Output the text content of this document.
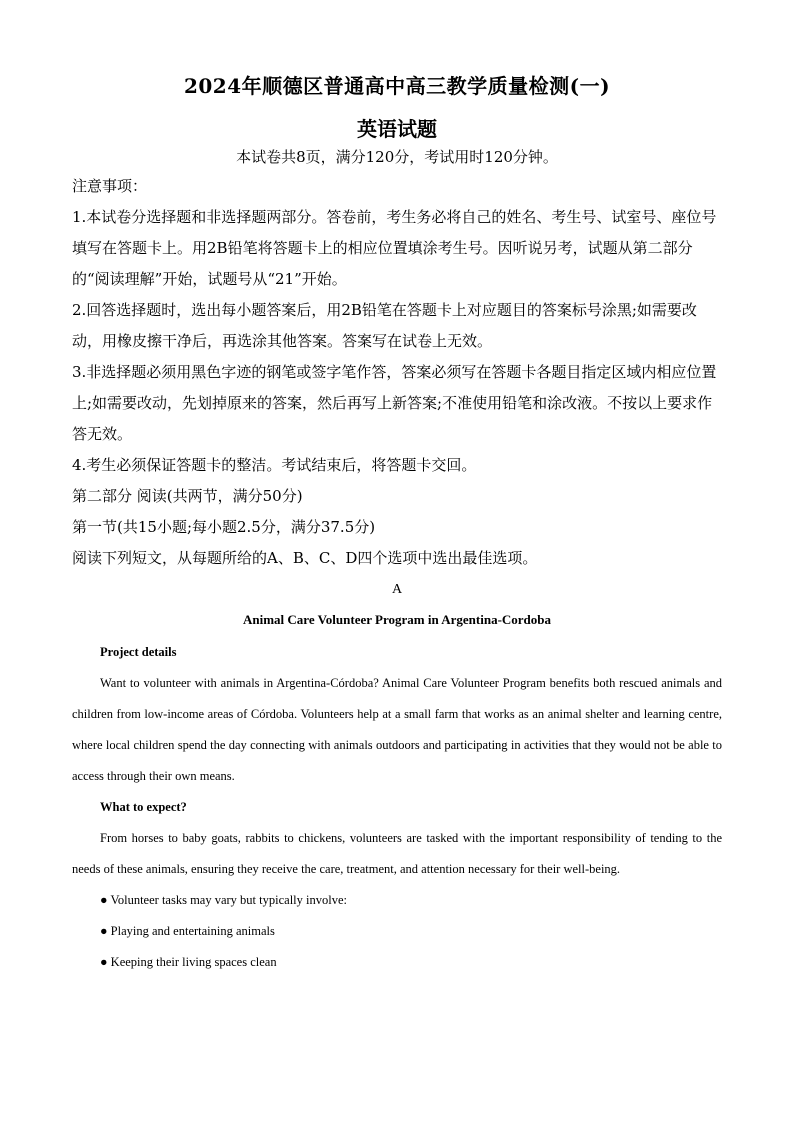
2024年顺德区普通高中高三教学质量检测(一)
英语试题
本试卷共8页，满分120分，考试用时120分钟。

注意事项：

1.本试卷分选择题和非选择题两部分。答卷前，考生务必将自己的姓名、考生号、试室号、座位号填写在答题卡上。用2B铅笔将答题卡上的相应位置填涂考生号。因听说另考，试题从第二部分的“阅读理解”开始，试题号从“21”开始。

2.回答选择题时，选出每小题答案后，用2B铅笔在答题卡上对应题目的答案标号涂黑;如需要改动，用橡皮擦干净后，再选涂其他答案。答案写在试卷上无效。

3.非选择题必须用黑色字迹的钢笔或签字笔作答，答案必须写在答题卡各题目指定区域内相应位置上;如需要改动，先划掉原来的答案，然后再写上新答案;不准使用铅笔和涂改液。不按以上要求作答无效。

4.考生必须保证答题卡的整洁。考试结束后，将答题卡交回。

第二部分 阅读(共两节，满分50分)

第一节(共15小题;每小题2.5分，满分37.5分)

阅读下列短文，从每题所给的A、B、C、D四个选项中选出最佳选项。

A
Animal Care Volunteer Program in Argentina-Cordoba

Project details

Want to volunteer with animals in Argentina-Córdoba? Animal Care Volunteer Program benefits both rescued animals and children from low-income areas of Córdoba. Volunteers help at a small farm that works as an animal shelter and learning centre, where local children spend the day connecting with animals outdoors and participating in activities that they would not be able to access through their own means.

What to expect?

From horses to baby goats, rabbits to chickens, volunteers are tasked with the important responsibility of tending to the needs of these animals, ensuring they receive the care, treatment, and attention necessary for their well-being.

● Volunteer tasks may vary but typically involve:

● Playing and entertaining animals

● Keeping their living spaces clean
